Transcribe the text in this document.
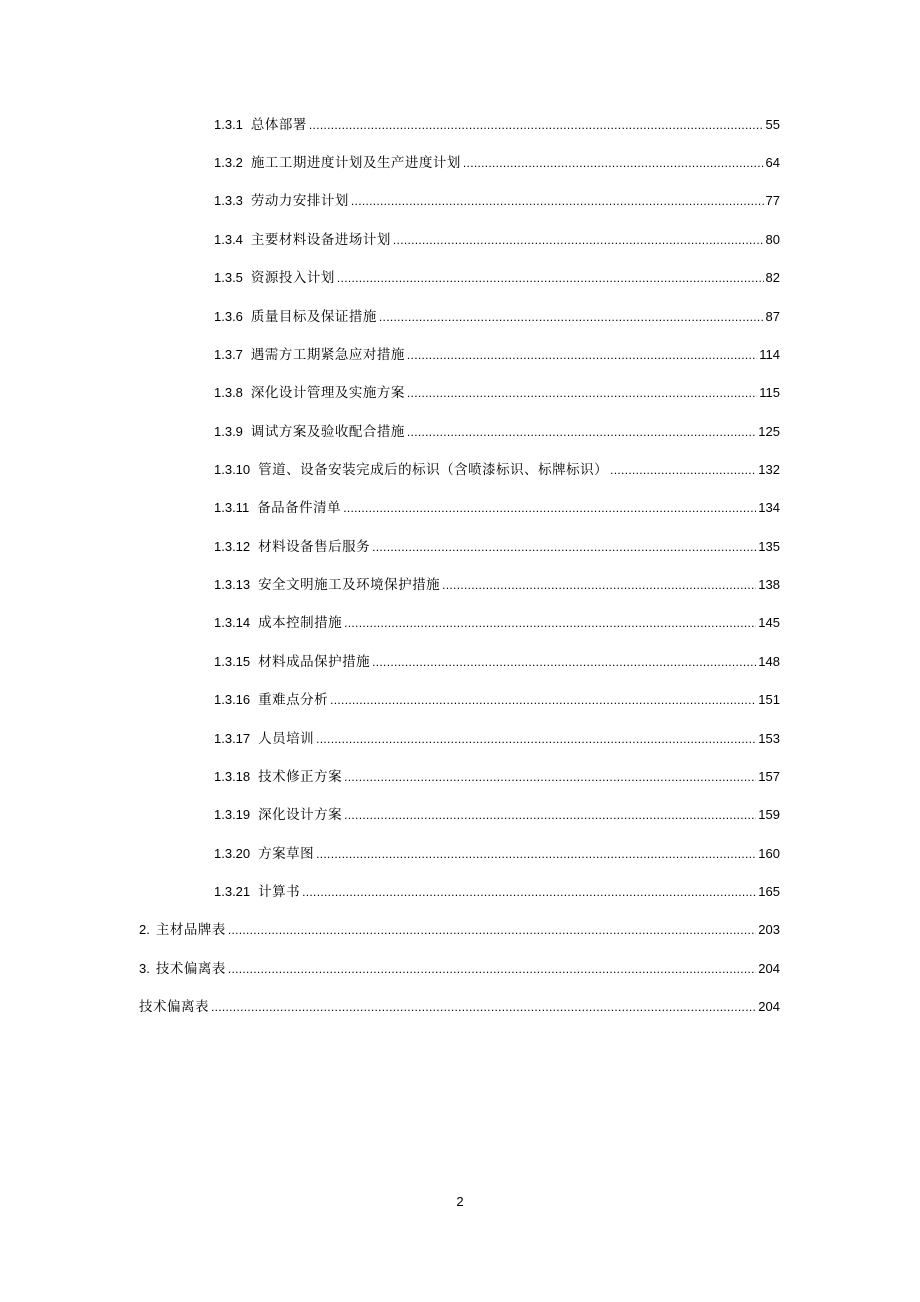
1.3.1 总体部署 .....	55
1.3.2 施工工期进度计划及生产进度计划 .....	64
1.3.3 劳动力安排计划 .....	77
1.3.4 主要材料设备进场计划 .....	80
1.3.5 资源投入计划 .....	82
1.3.6 质量目标及保证措施 .....	87
1.3.7 遇需方工期紧急应对措施 .....	114
1.3.8 深化设计管理及实施方案 .....	115
1.3.9 调试方案及验收配合措施 .....	125
1.3.10 管道、设备安装完成后的标识（含喷漆标识、标牌标识） .....	132
1.3.11 备品备件清单 .....	134
1.3.12 材料设备售后服务 .....	135
1.3.13 安全文明施工及环境保护措施 .....	138
1.3.14 成本控制措施 .....	145
1.3.15 材料成品保护措施 .....	148
1.3.16 重难点分析 .....	151
1.3.17 人员培训 .....	153
1.3.18 技术修正方案 .....	157
1.3.19 深化设计方案 .....	159
1.3.20 方案草图 .....	160
1.3.21 计算书 .....	165
2. 主材品牌表 .....	203
3. 技术偏离表 .....	204
技术偏离表 .....	204
2
